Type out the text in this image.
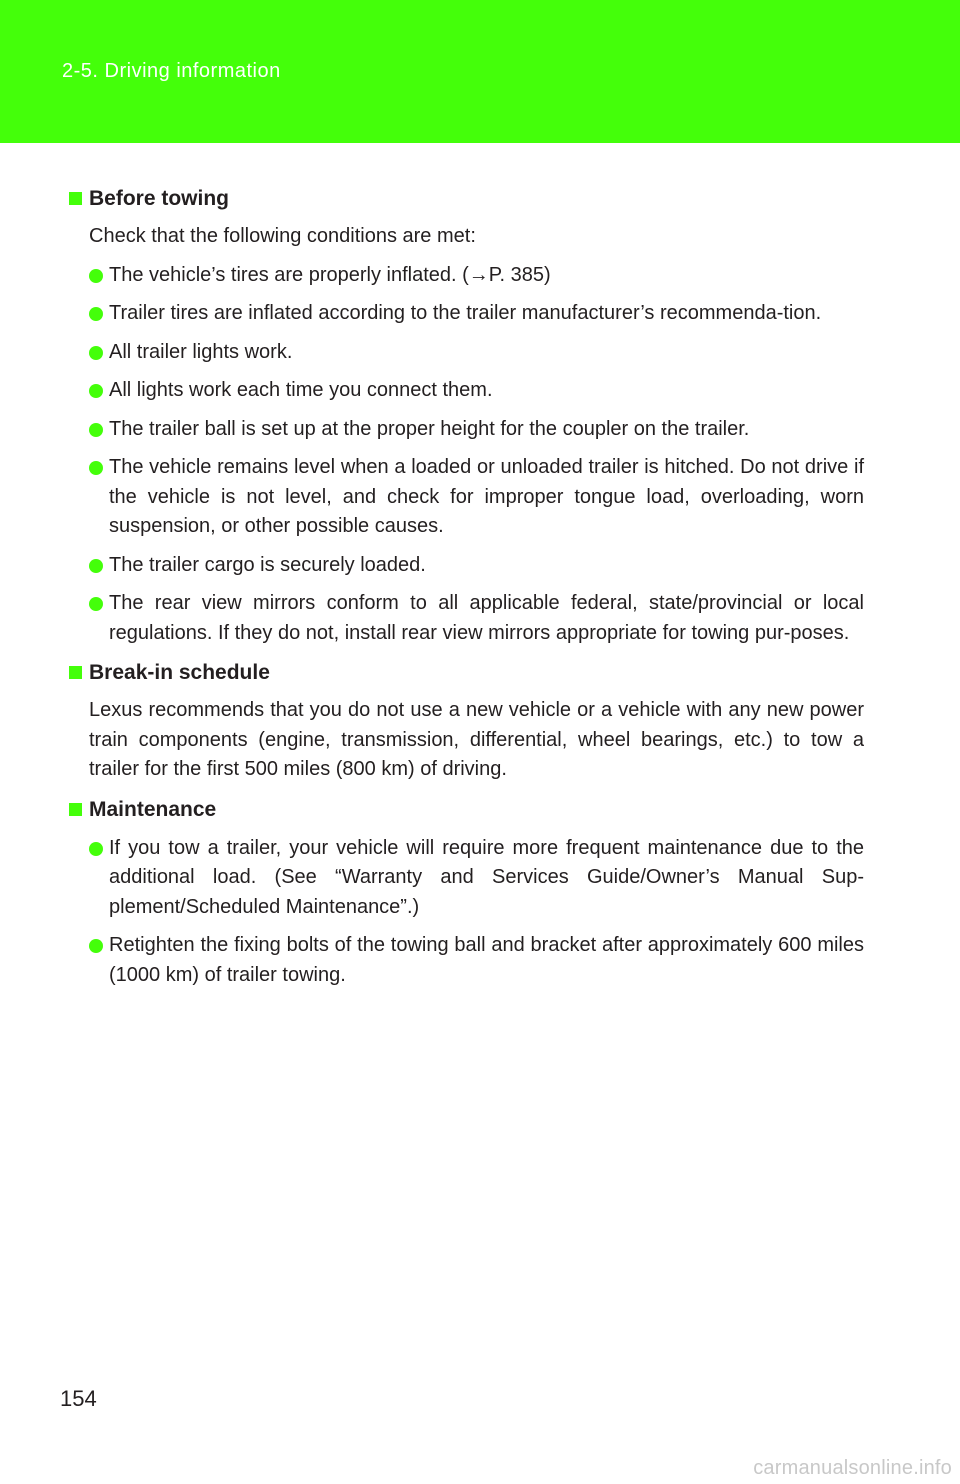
2-5. Driving information
Before towing
Check that the following conditions are met:
The vehicle’s tires are properly inflated. (→P. 385)
Trailer tires are inflated according to the trailer manufacturer’s recommenda-tion.
All trailer lights work.
All lights work each time you connect them.
The trailer ball is set up at the proper height for the coupler on the trailer.
The vehicle remains level when a loaded or unloaded trailer is hitched. Do not drive if the vehicle is not level, and check for improper tongue load, overloading, worn suspension, or other possible causes.
The trailer cargo is securely loaded.
The rear view mirrors conform to all applicable federal, state/provincial or local regulations. If they do not, install rear view mirrors appropriate for towing pur-poses.
Break-in schedule
Lexus recommends that you do not use a new vehicle or a vehicle with any new power train components (engine, transmission, differential, wheel bearings, etc.) to tow a trailer for the first 500 miles (800 km) of driving.
Maintenance
If you tow a trailer, your vehicle will require more frequent maintenance due to the additional load. (See “Warranty and Services Guide/Owner’s Manual Sup-plement/Scheduled Maintenance”.)
Retighten the fixing bolts of the towing ball and bracket after approximately 600 miles (1000 km) of trailer towing.
154
carmanualsonline.info
